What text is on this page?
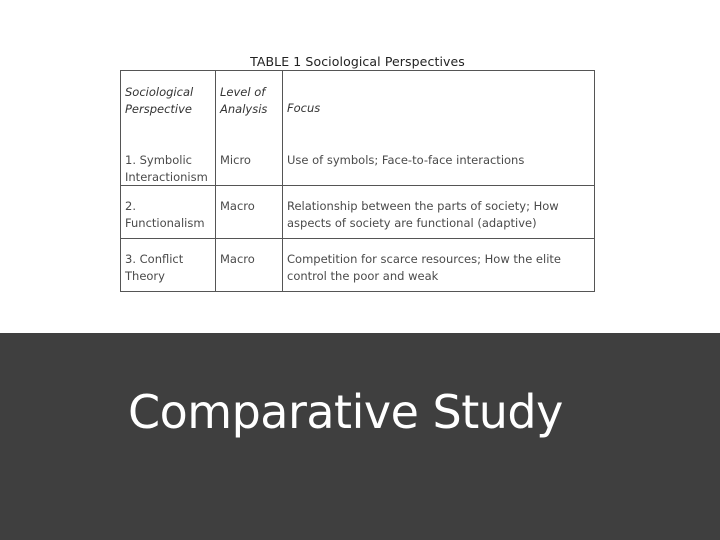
TABLE 1 Sociological Perspectives
Sociological Perspective	Level of Analysis	Focus
1. Symbolic Interactionism	Micro	Use of symbols; Face-to-face interactions
2. Functionalism	Macro	Relationship between the parts of society; How aspects of society are functional (adaptive)
3. Conflict Theory	Macro	Competition for scarce resources; How the elite control the poor and weak
Comparative Study
